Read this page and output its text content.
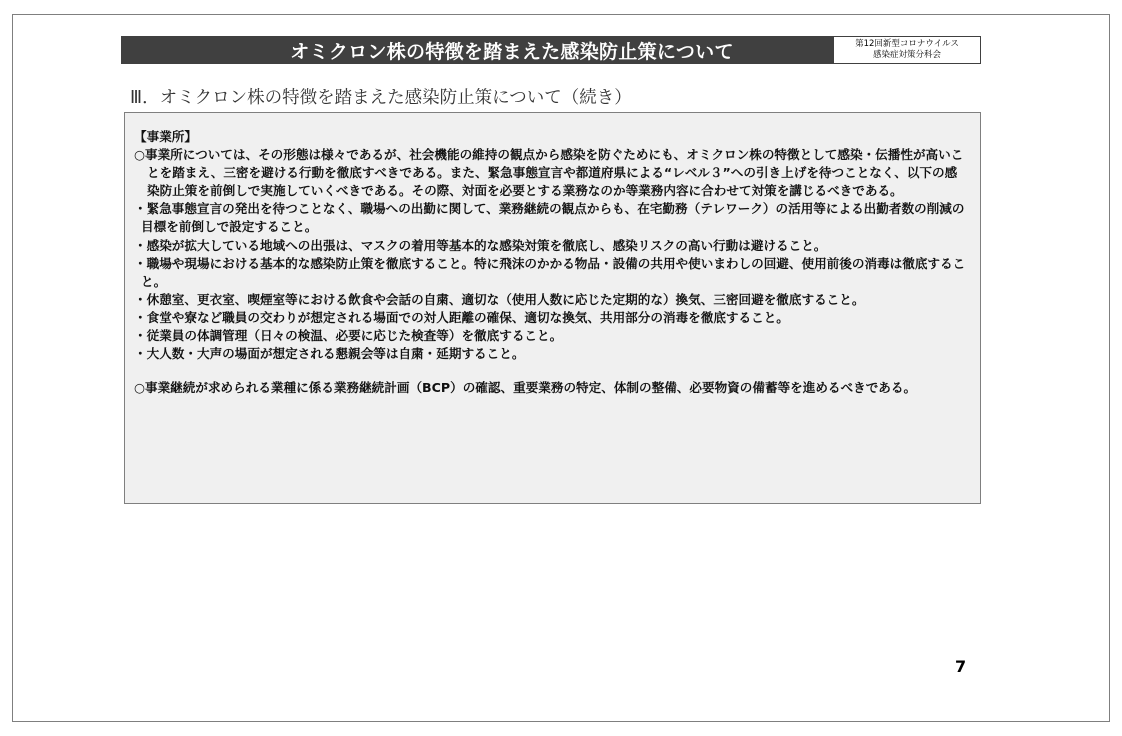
オミクロン株の特徴を踏まえた感染防止策について	第12回新型コロナウイルス
感染症対策分科会
Ⅲ．オミクロン株の特徴を踏まえた感染防止策について（続き）

【事業所】

○事業所については、その形態は様々であるが、社会機能の維持の観点から感染を防ぐためにも、オミクロン株の特徴として感染・伝播性が高いことを踏まえ、三密を避ける行動を徹底すべきである。また、緊急事態宣言や都道府県による“レベル３”への引き上げを待つことなく、以下の感染防止策を前倒しで実施していくべきである。その際、対面を必要とする業務なのか等業務内容に合わせて対策を講じるべきである。

・緊急事態宣言の発出を待つことなく、職場への出勤に関して、業務継続の観点からも、在宅勤務（テレワーク）の活用等による出勤者数の削減の目標を前倒しで設定すること。

・感染が拡大している地域への出張は、マスクの着用等基本的な感染対策を徹底し、感染リスクの高い行動は避けること。

・職場や現場における基本的な感染防止策を徹底すること。特に飛沫のかかる物品・設備の共用や使いまわしの回避、使用前後の消毒は徹底すること。

・休憩室、更衣室、喫煙室等における飲食や会話の自粛、適切な（使用人数に応じた定期的な）換気、三密回避を徹底すること。

・食堂や寮など職員の交わりが想定される場面での対人距離の確保、適切な換気、共用部分の消毒を徹底すること。

・従業員の体調管理（日々の検温、必要に応じた検査等）を徹底すること。

・大人数・大声の場面が想定される懇親会等は自粛・延期すること。

○事業継続が求められる業種に係る業務継続計画（BCP）の確認、重要業務の特定、体制の整備、必要物資の備蓄等を進めるべきである。

7
